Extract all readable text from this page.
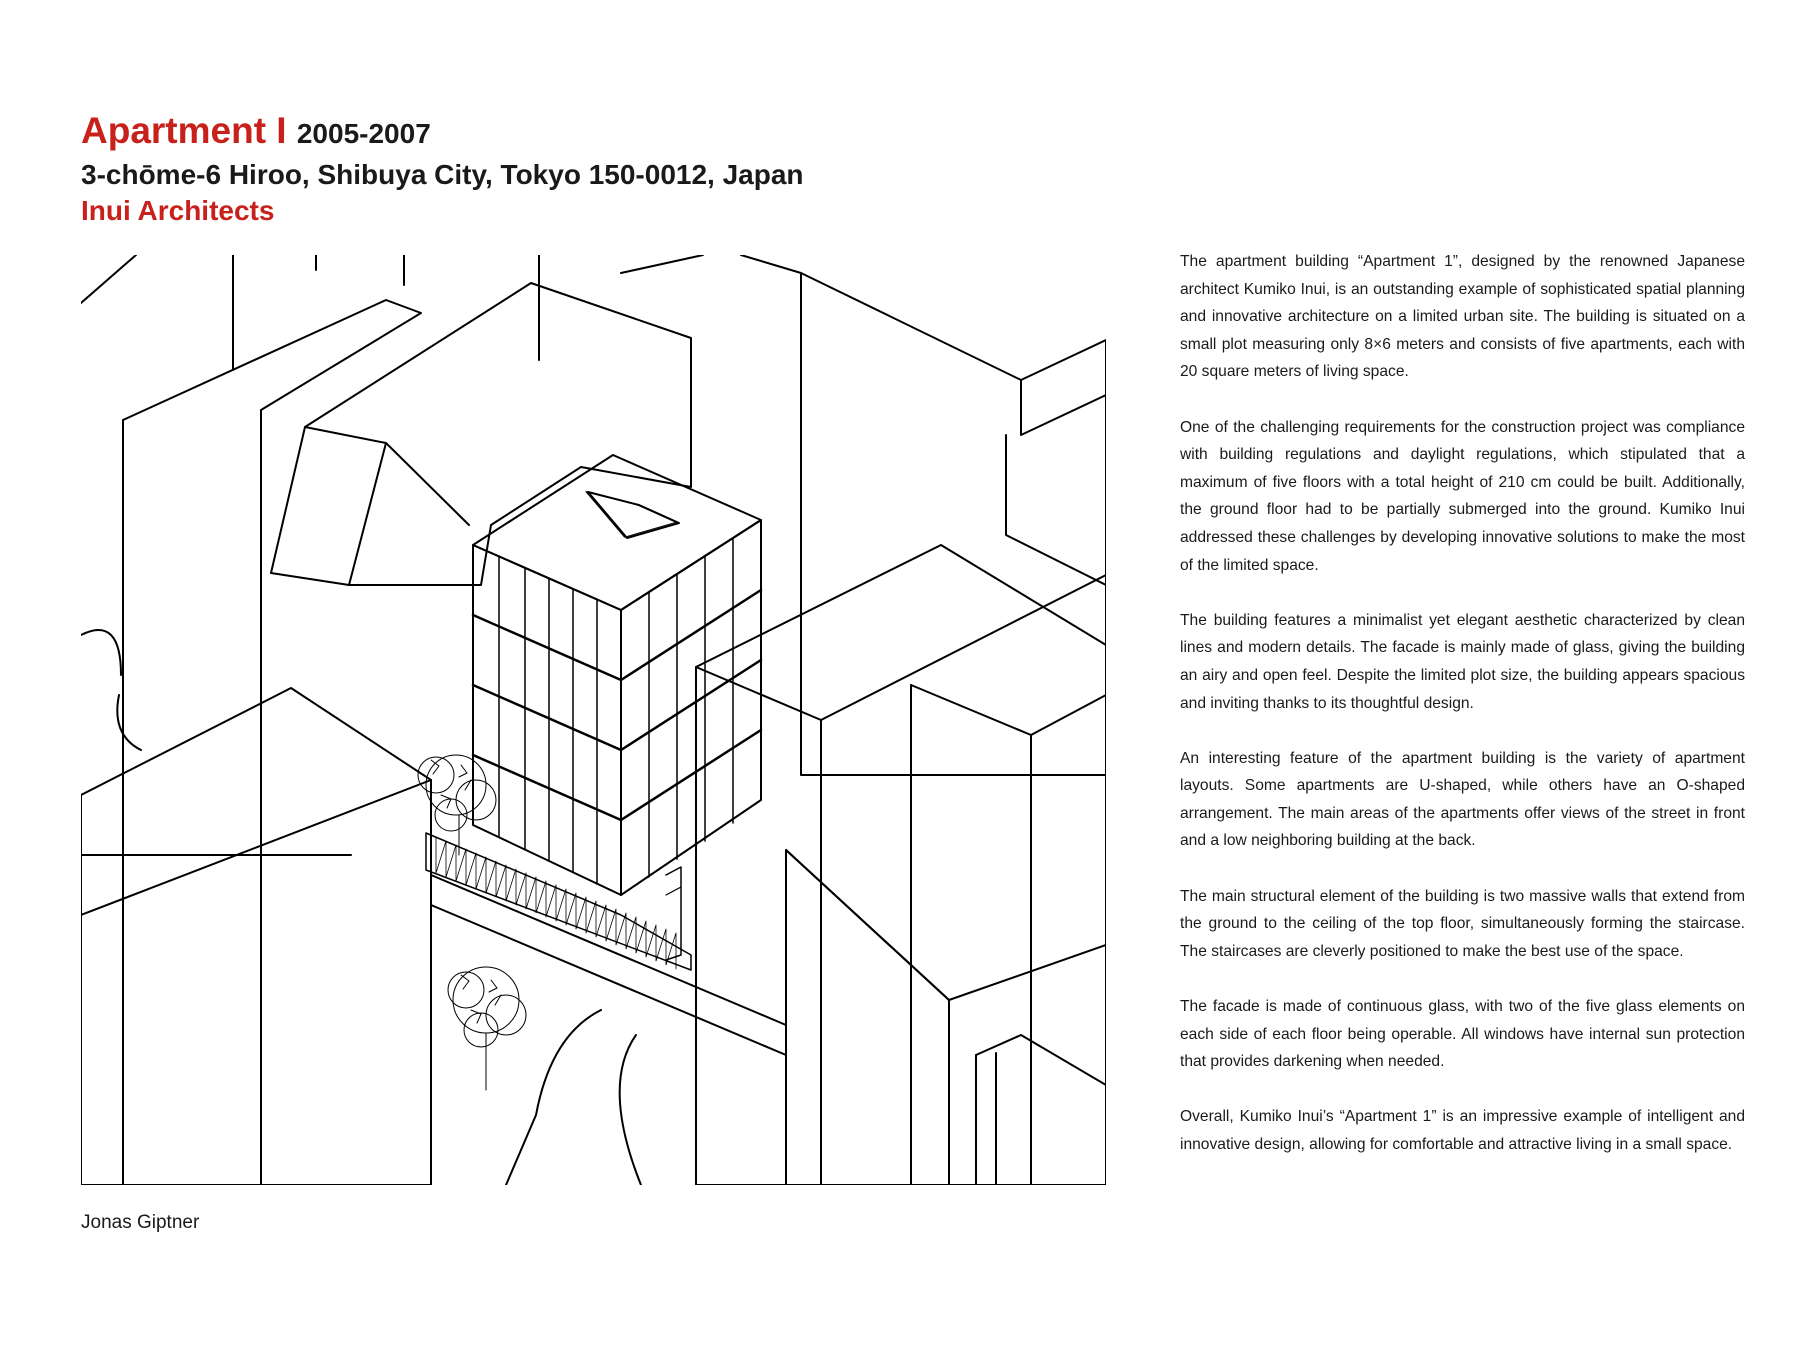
Apartment I 2005-2007
3-chōme-6 Hiroo, Shibuya City, Tokyo 150-0012, Japan
Inui Architects

The apartment building “Apartment 1”, designed by the renowned Japanese architect Kumiko Inui, is an outstanding example of sophisticated spatial planning and innovative architecture on a limited urban site. The building is situated on a small plot measuring only 8×6 meters and consists of five apartments, each with 20 square meters of living space.

One of the challenging requirements for the construction project was compliance with building regulations and daylight regulations, which stipulated that a maximum of five floors with a total height of 210 cm could be built. Additionally, the ground floor had to be partially submerged into the ground. Kumiko Inui addressed these challenges by developing innovative solutions to make the most of the limited space.

The building features a minimalist yet elegant aesthetic characterized by clean lines and modern details. The facade is mainly made of glass, giving the building an airy and open feel. Despite the limited plot size, the building appears spacious and inviting thanks to its thoughtful design.

An interesting feature of the apartment building is the variety of apartment layouts. Some apartments are U-shaped, while others have an O-shaped arrangement. The main areas of the apartments offer views of the street in front and a low neighboring building at the back.

The main structural element of the building is two massive walls that extend from the ground to the ceiling of the top floor, simultaneously forming the staircase. The staircases are cleverly positioned to make the best use of the space.

The facade is made of continuous glass, with two of the five glass elements on each side of each floor being operable. All windows have internal sun protection that provides darkening when needed.

Overall, Kumiko Inui’s “Apartment 1” is an impressive example of intelligent and innovative design, allowing for comfortable and attractive living in a small space.

Jonas Giptner
